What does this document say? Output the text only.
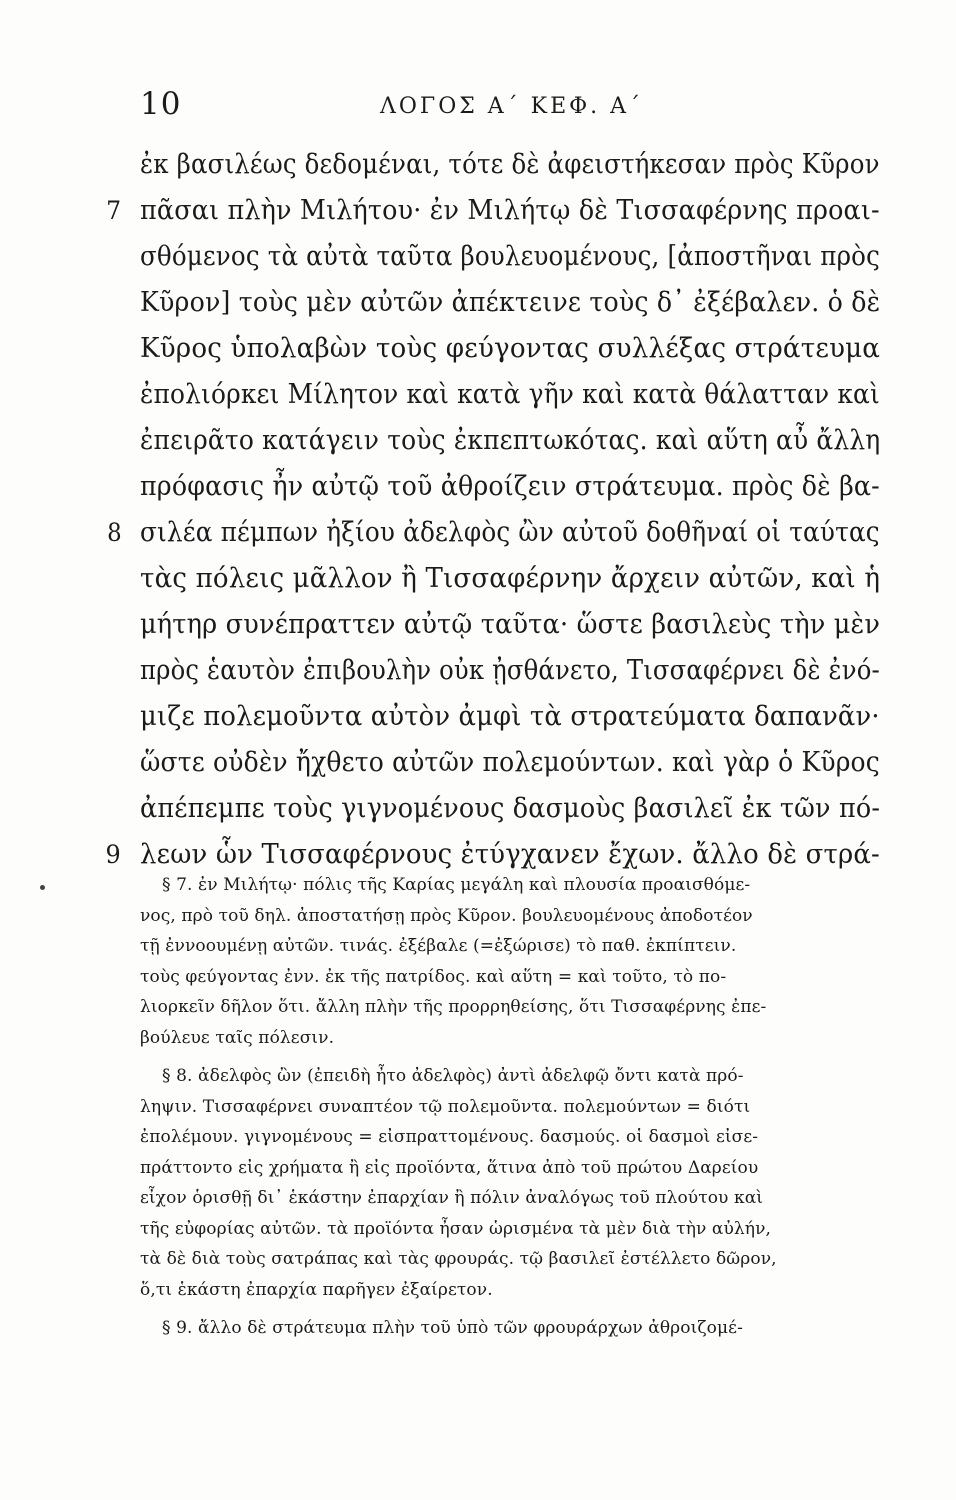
10	ΛΟΓΟΣ Α΄ ΚΕΦ. Α΄
ἐκ βασιλέως δεδομέναι, τότε δὲ ἀφειστήκεσαν πρὸς Κῦρον
7 πᾶσαι πλὴν Μιλήτου· ἐν Μιλήτῳ δὲ Τισσαφέρνης προαι-
σθόμενος τὰ αὐτὰ ταῦτα βουλευομένους, [ἀποστῆναι πρὸς
Κῦρον] τοὺς μὲν αὐτῶν ἀπέκτεινε τοὺς δ᾽ ἐξέβαλεν. ὁ δὲ
Κῦρος ὑπολαβὼν τοὺς φεύγοντας συλλέξας στράτευμα
ἐπολιόρκει Μίλητον καὶ κατὰ γῆν καὶ κατὰ θάλατταν καὶ
ἐπειρᾶτο κατάγειν τοὺς ἐκπεπτωκότας. καὶ αὕτη αὖ ἄλλη
πρόφασις ἦν αὐτῷ τοῦ ἀθροίζειν στράτευμα. πρὸς δὲ βα-
8 σιλέα πέμπων ἠξίου ἀδελφὸς ὢν αὐτοῦ δοθῆναί οἱ ταύτας
τὰς πόλεις μᾶλλον ἢ Τισσαφέρνην ἄρχειν αὐτῶν, καὶ ἡ
μήτηρ συνέπραττεν αὐτῷ ταῦτα· ὥστε βασιλεὺς τὴν μὲν
πρὸς ἑαυτὸν ἐπιβουλὴν οὐκ ᾐσθάνετο, Τισσαφέρνει δὲ ἐνό-
μιζε πολεμοῦντα αὐτὸν ἀμφὶ τὰ στρατεύματα δαπανᾶν·
ὥστε οὐδὲν ἤχθετο αὐτῶν πολεμούντων. καὶ γὰρ ὁ Κῦρος
ἀπέπεμπε τοὺς γιγνομένους δασμοὺς βασιλεῖ ἐκ τῶν πό-
9 λεων ὧν Τισσαφέρνους ἐτύγχανεν ἔχων. ἄλλο δὲ στρά-
§ 7. ἐν Μιλήτῳ· πόλις τῆς Καρίας μεγάλη καὶ πλουσία προαισθόμε-
νος, πρὸ τοῦ δηλ. ἀποστατήσῃ πρὸς Κῦρον. βουλευομένους ἀποδοτέον
τῇ ἐννοουμένῃ αὐτῶν. τινάς. ἐξέβαλε (=ἐξώρισε) τὸ παθ. ἐκπίπτειν.
τοὺς φεύγοντας ἐνν. ἐκ τῆς πατρίδος. καὶ αὕτη = καὶ τοῦτο, τὸ πο-
λιορκεῖν δῆλον ὅτι. ἄλλη πλὴν τῆς προρρηθείσης, ὅτι Τισσαφέρνης ἐπε-
βούλευε ταῖς πόλεσιν.
§ 8. ἀδελφὸς ὢν (ἐπειδὴ ἦτο ἀδελφὸς) ἀντὶ ἀδελφῷ ὄντι κατὰ πρό-
ληψιν. Τισσαφέρνει συναπτέον τῷ πολεμοῦντα. πολεμούντων = διότι
ἐπολέμουν. γιγνομένους = εἰσπραττομένους. δασμούς. οἱ δασμοὶ εἰσε-
πράττοντο εἰς χρήματα ἢ εἰς προϊόντα, ἅτινα ἀπὸ τοῦ πρώτου Δαρείου
εἶχον ὁρισθῇ δι᾽ ἑκάστην ἐπαρχίαν ἢ πόλιν ἀναλόγως τοῦ πλούτου καὶ
τῆς εὐφορίας αὐτῶν. τὰ προϊόντα ἦσαν ὡρισμένα τὰ μὲν διὰ τὴν αὐλήν,
τὰ δὲ διὰ τοὺς σατράπας καὶ τὰς φρουράς. τῷ βασιλεῖ ἐστέλλετο δῶρον,
ὅ,τι ἑκάστη ἐπαρχία παρῆγεν ἐξαίρετον.
§ 9. ἄλλο δὲ στράτευμα πλὴν τοῦ ὑπὸ τῶν φρουράρχων ἀθροιζομέ-
